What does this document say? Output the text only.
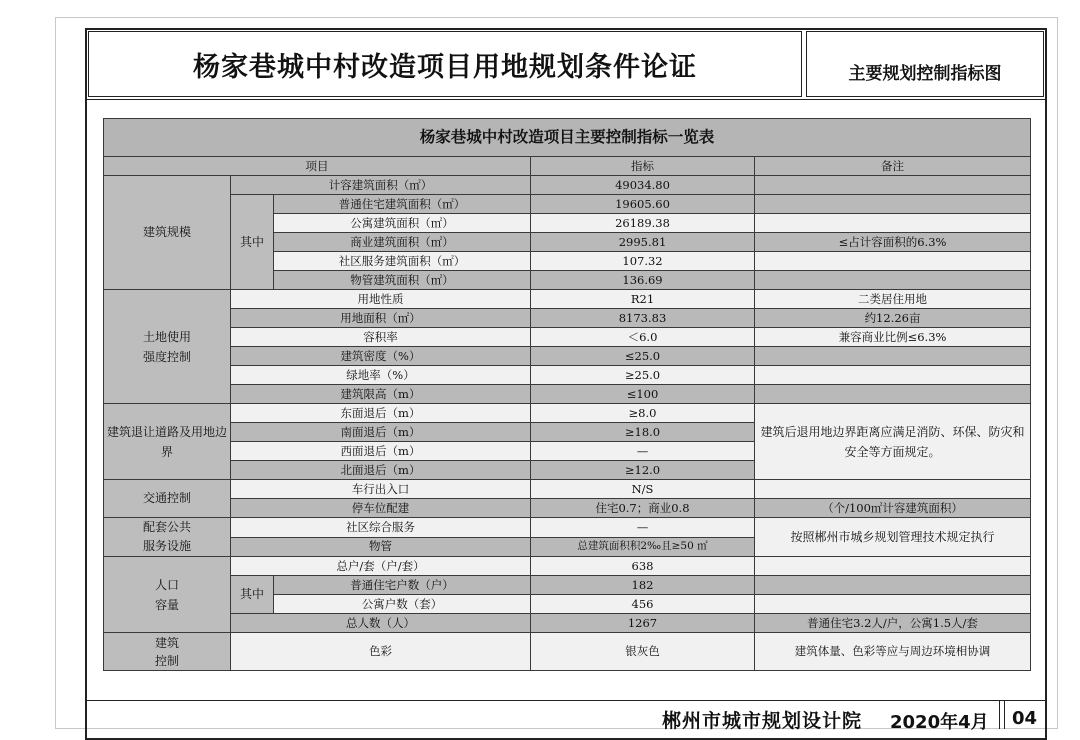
杨家巷城中村改造项目用地规划条件论证	主要规划控制指标图
杨家巷城中村改造项目主要控制指标一览表				
项目			指标	备注
建筑规模	计容建筑面积（㎡）		49034.80	
	其中	普通住宅建筑面积（㎡）	19605.60	
		公寓建筑面积（㎡）	26189.38	
		商业建筑面积（㎡）	2995.81	≤占计容面积的6.3%
		社区服务建筑面积（㎡）	107.32	
		物管建筑面积（㎡）	136.69	

土地使用强度控制	用地性质		R21	二类居住用地
	用地面积（㎡）		8173.83	约12.26亩
	容积率		＜6.0	兼容商业比例≤6.3%
	建筑密度（%）		≤25.0	
	绿地率（%）		≥25.0	
	建筑限高（m）		≤100	

建筑退让道路及用地边界	东面退后（m）		≥8.0	建筑后退用地边界距离应满足消防、环保、防灾和安全等方面规定。

	南面退后（m）		≥18.0	
	西面退后（m）		—	
	北面退后（m）		≥12.0	
交通控制	车行出入口		N/S	
	停车位配建		住宅0.7；商业0.8	（个/100㎡计容建筑面积）

配套公共服务设施	社区综合服务		—	按照郴州市城乡规划管理技术规定执行
	物管		总建筑面积积2‰且≥50 ㎡	

人口容量	总户/套（户/套）		638	
	其中	普通住宅户数（户）	182	
		公寓户数（套）	456	
	总人数（人）		1267	普通住宅3.2人/户，公寓1.5人/套

建筑控制	色彩		银灰色	建筑体量、色彩等应与周边环境相协调
郴州市城市规划设计院 2020年4月 04
